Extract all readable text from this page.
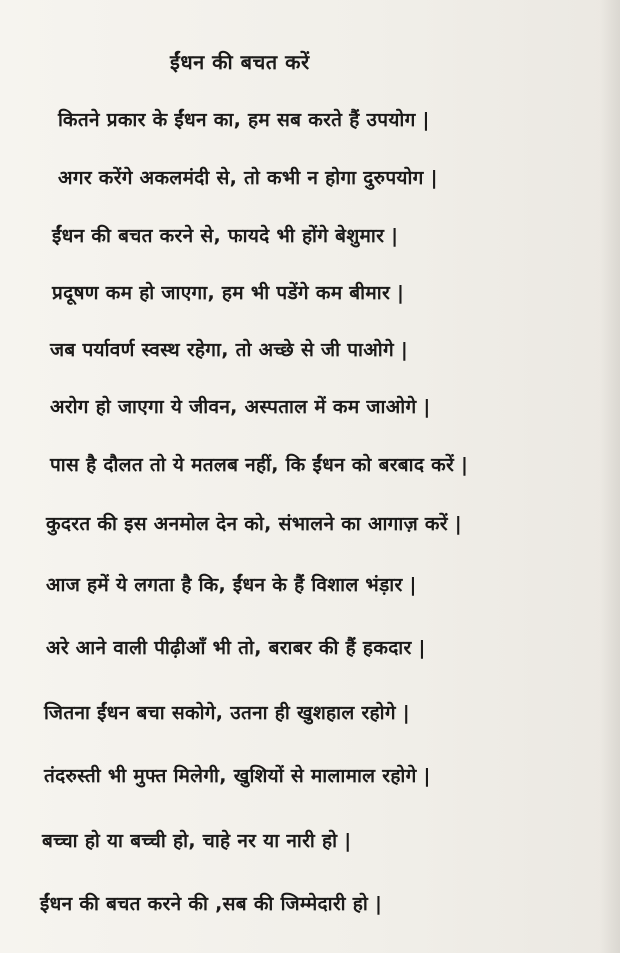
ईंधन की बचत करें
कितने प्रकार के ईंधन का, हम सब करते हैं उपयोग |
अगर करेंगे अकलमंदी से, तो कभी न होगा दुरुपयोग |
ईंधन की बचत करने से, फायदे भी होंगे बेशुमार |
प्रदूषण कम हो जाएगा, हम भी पडेंगे कम बीमार |
जब पर्यावर्ण स्वस्थ रहेगा, तो अच्छे से जी पाओगे |
अरोग हो जाएगा ये जीवन, अस्पताल में कम जाओगे |
पास है दौलत तो ये मतलब नहीं, कि ईंधन को बरबाद करें |
कुदरत की इस अनमोल देन को, संभालने का आगाज़ करें |
आज हमें ये लगता है कि, ईंधन के हैं विशाल भंड़ार |
अरे आने वाली पीढ़ीआँ भी तो, बराबर की हैं हकदार |
जितना ईंधन बचा सकोगे, उतना ही खुशहाल रहोगे |
तंदरुस्ती भी मुफ्त मिलेगी, खुशियों से मालामाल रहोगे |
बच्चा हो या बच्ची हो, चाहे नर या नारी हो |
ईंधन की बचत करने की ,सब की जिम्मेदारी हो |
